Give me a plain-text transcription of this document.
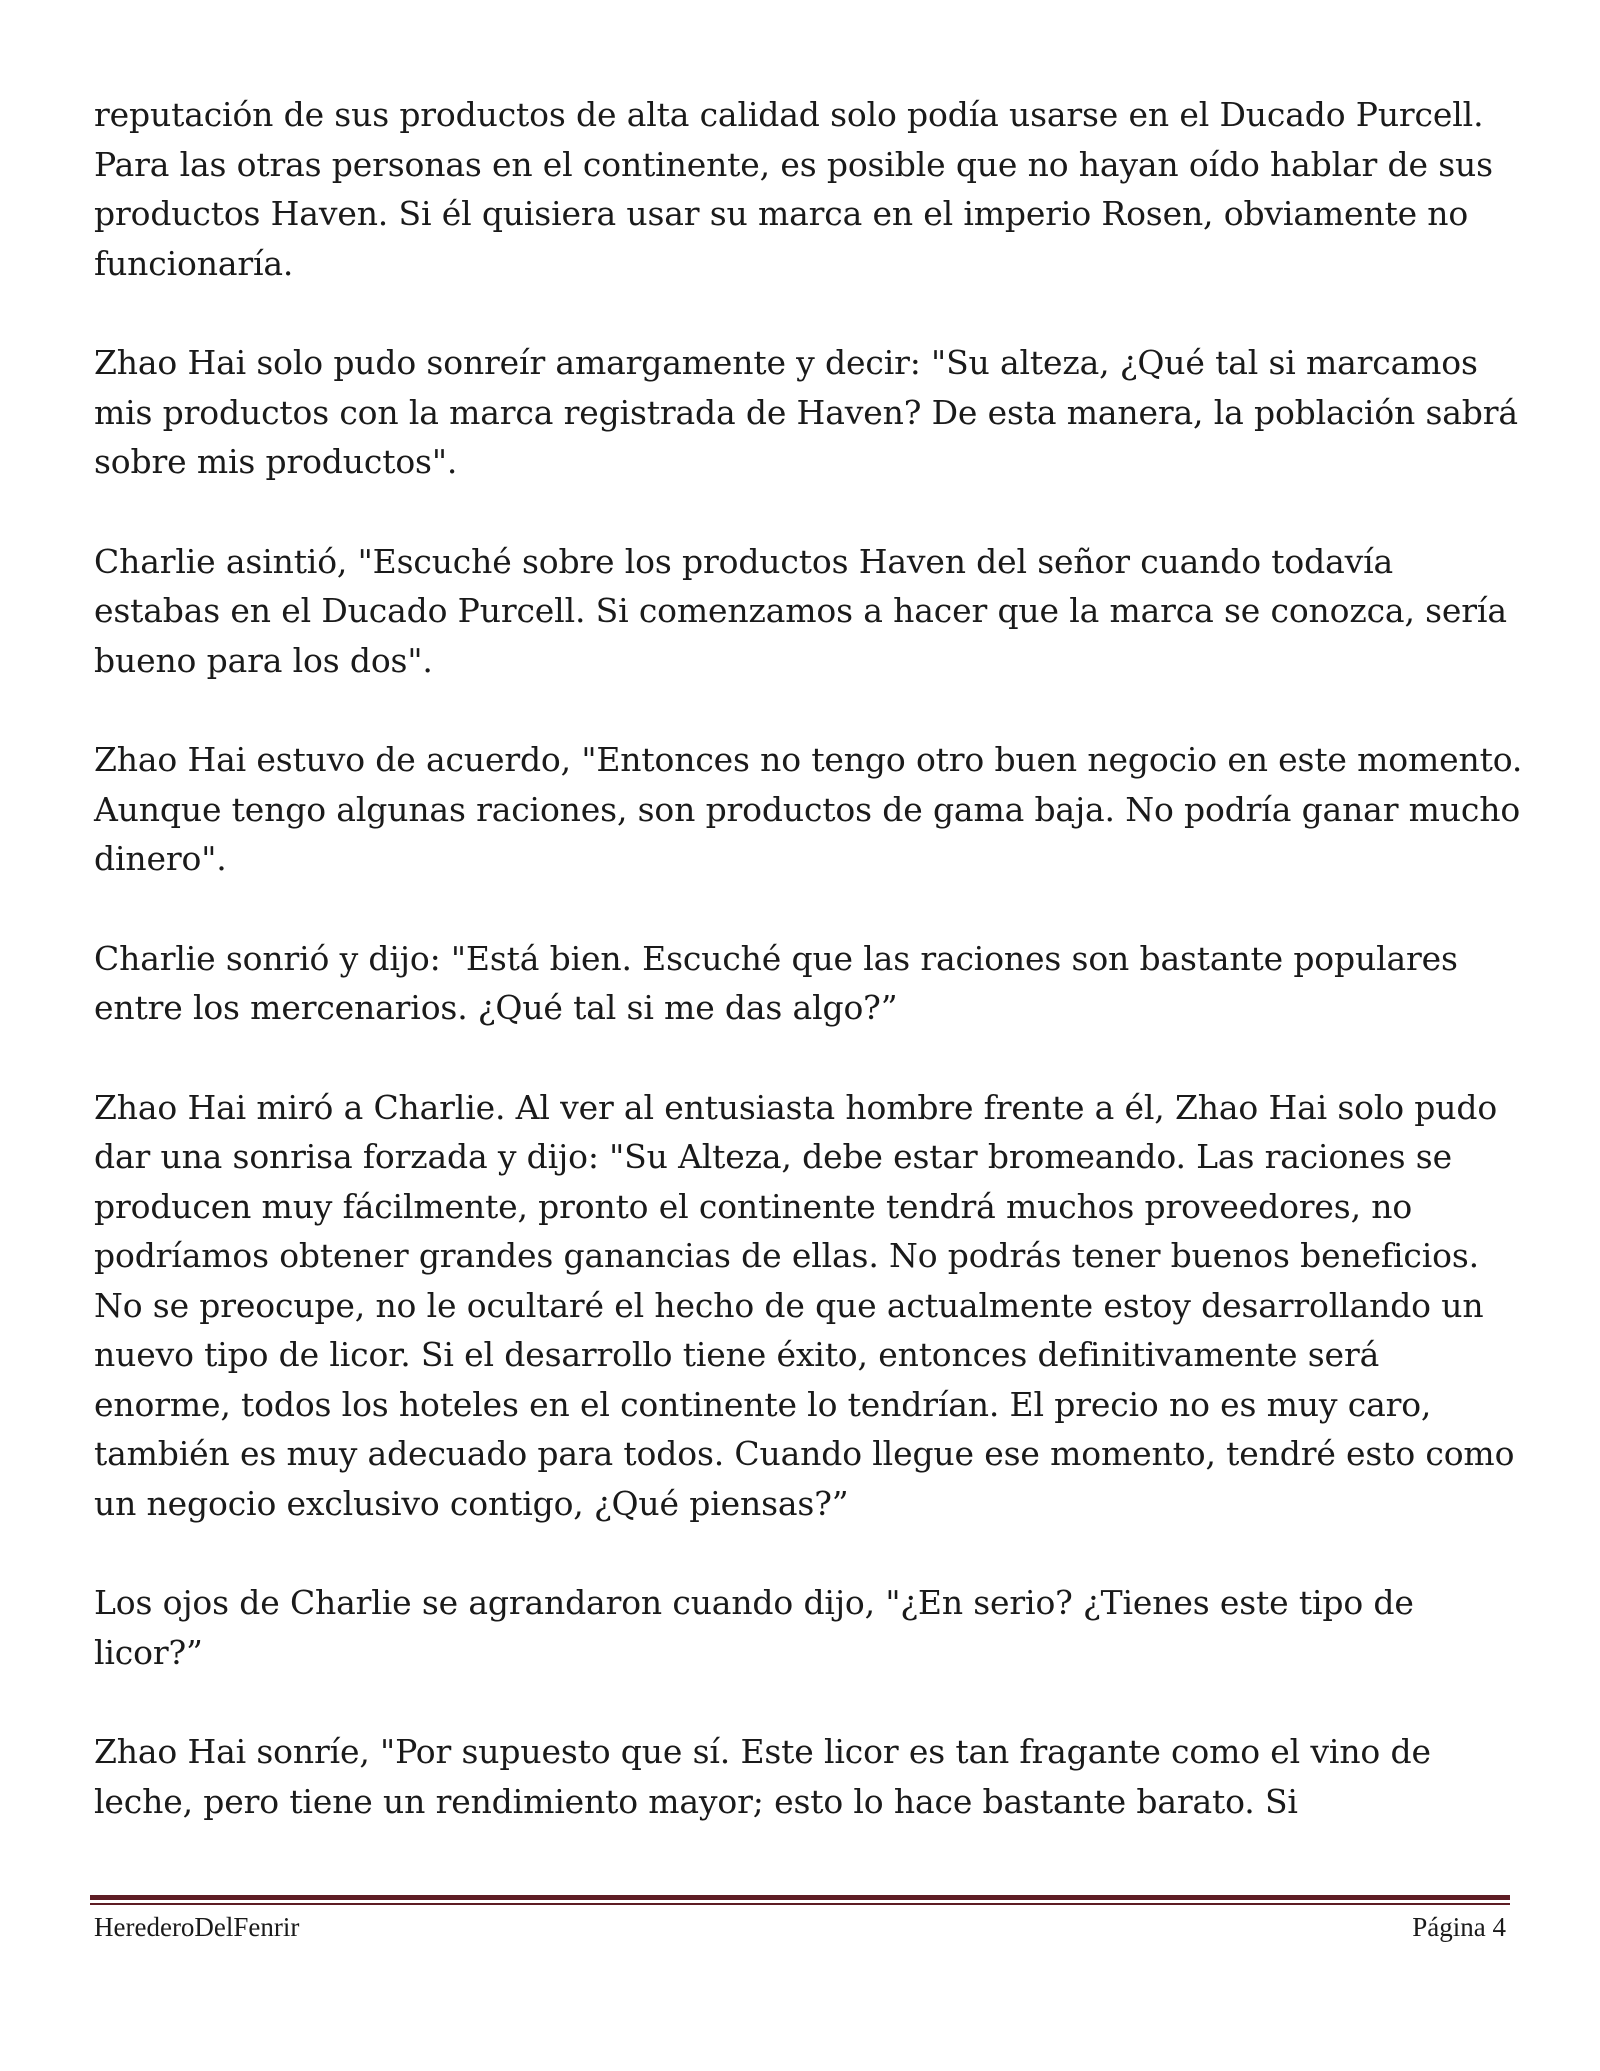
reputación de sus productos de alta calidad solo podía usarse en el Ducado Purcell. Para las otras personas en el continente, es posible que no hayan oído hablar de sus productos Haven. Si él quisiera usar su marca en el imperio Rosen, obviamente no funcionaría.

Zhao Hai solo pudo sonreír amargamente y decir: "Su alteza, ¿Qué tal si marcamos mis productos con la marca registrada de Haven? De esta manera, la población sabrá sobre mis productos".

Charlie asintió, "Escuché sobre los productos Haven del señor cuando todavía estabas en el Ducado Purcell. Si comenzamos a hacer que la marca se conozca, sería bueno para los dos".

Zhao Hai estuvo de acuerdo, "Entonces no tengo otro buen negocio en este momento. Aunque tengo algunas raciones, son productos de gama baja. No podría ganar mucho dinero".

Charlie sonrió y dijo: "Está bien. Escuché que las raciones son bastante populares entre los mercenarios. ¿Qué tal si me das algo?”

Zhao Hai miró a Charlie. Al ver al entusiasta hombre frente a él, Zhao Hai solo pudo dar una sonrisa forzada y dijo: "Su Alteza, debe estar bromeando. Las raciones se producen muy fácilmente, pronto el continente tendrá muchos proveedores, no podríamos obtener grandes ganancias de ellas. No podrás tener buenos beneficios. No se preocupe, no le ocultaré el hecho de que actualmente estoy desarrollando un nuevo tipo de licor. Si el desarrollo tiene éxito, entonces definitivamente será enorme, todos los hoteles en el continente lo tendrían. El precio no es muy caro, también es muy adecuado para todos. Cuando llegue ese momento, tendré esto como un negocio exclusivo contigo, ¿Qué piensas?”

Los ojos de Charlie se agrandaron cuando dijo, "¿En serio? ¿Tienes este tipo de licor?”

Zhao Hai sonríe, "Por supuesto que sí. Este licor es tan fragante como el vino de leche, pero tiene un rendimiento mayor; esto lo hace bastante barato. Si

HerederoDelFenrir	Página 4
